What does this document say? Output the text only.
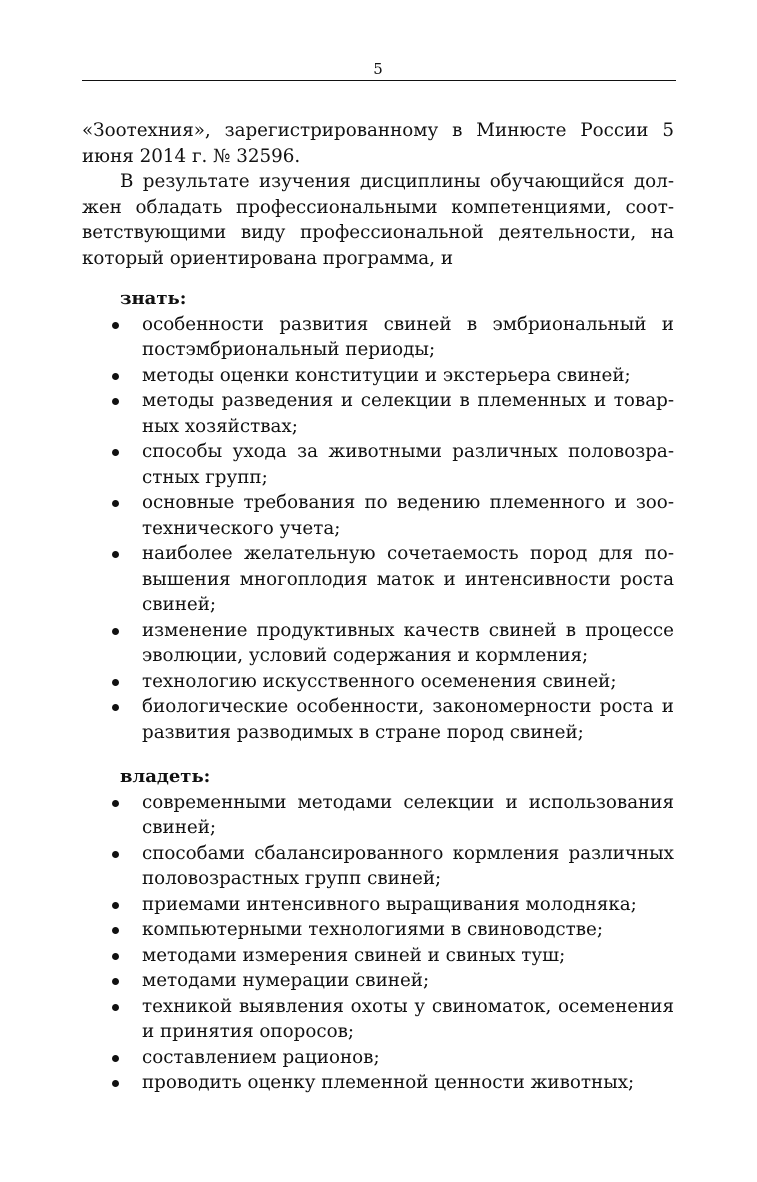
5

«Зоотехния», зарегистрированному в Минюсте России 5 июня 2014 г. № 32596.

В результате изучения дисциплины обучающийся должен обладать профессиональными компетенциями, соответствующими виду профессиональной деятельности, на который ориентирована программа, и

знать:
особенности развития свиней в эмбриональный и постэмбриональный периоды;
методы оценки конституции и экстерьера свиней;
методы разведения и селекции в племенных и товарных хозяйствах;
способы ухода за животными различных половозрастных групп;
основные требования по ведению племенного и зоотехнического учета;
наиболее желательную сочетаемость пород для повышения многоплодия маток и интенсивности роста свиней;
изменение продуктивных качеств свиней в процессе эволюции, условий содержания и кормления;
технологию искусственного осеменения свиней;
биологические особенности, закономерности роста и развития разводимых в стране пород свиней;
владеть:
современными методами селекции и использования свиней;
способами сбалансированного кормления различных половозрастных групп свиней;
приемами интенсивного выращивания молодняка;
компьютерными технологиями в свиноводстве;
методами измерения свиней и свиных туш;
методами нумерации свиней;
техникой выявления охоты у свиноматок, осеменения и принятия опоросов;
составлением рационов;
проводить оценку племенной ценности животных;
